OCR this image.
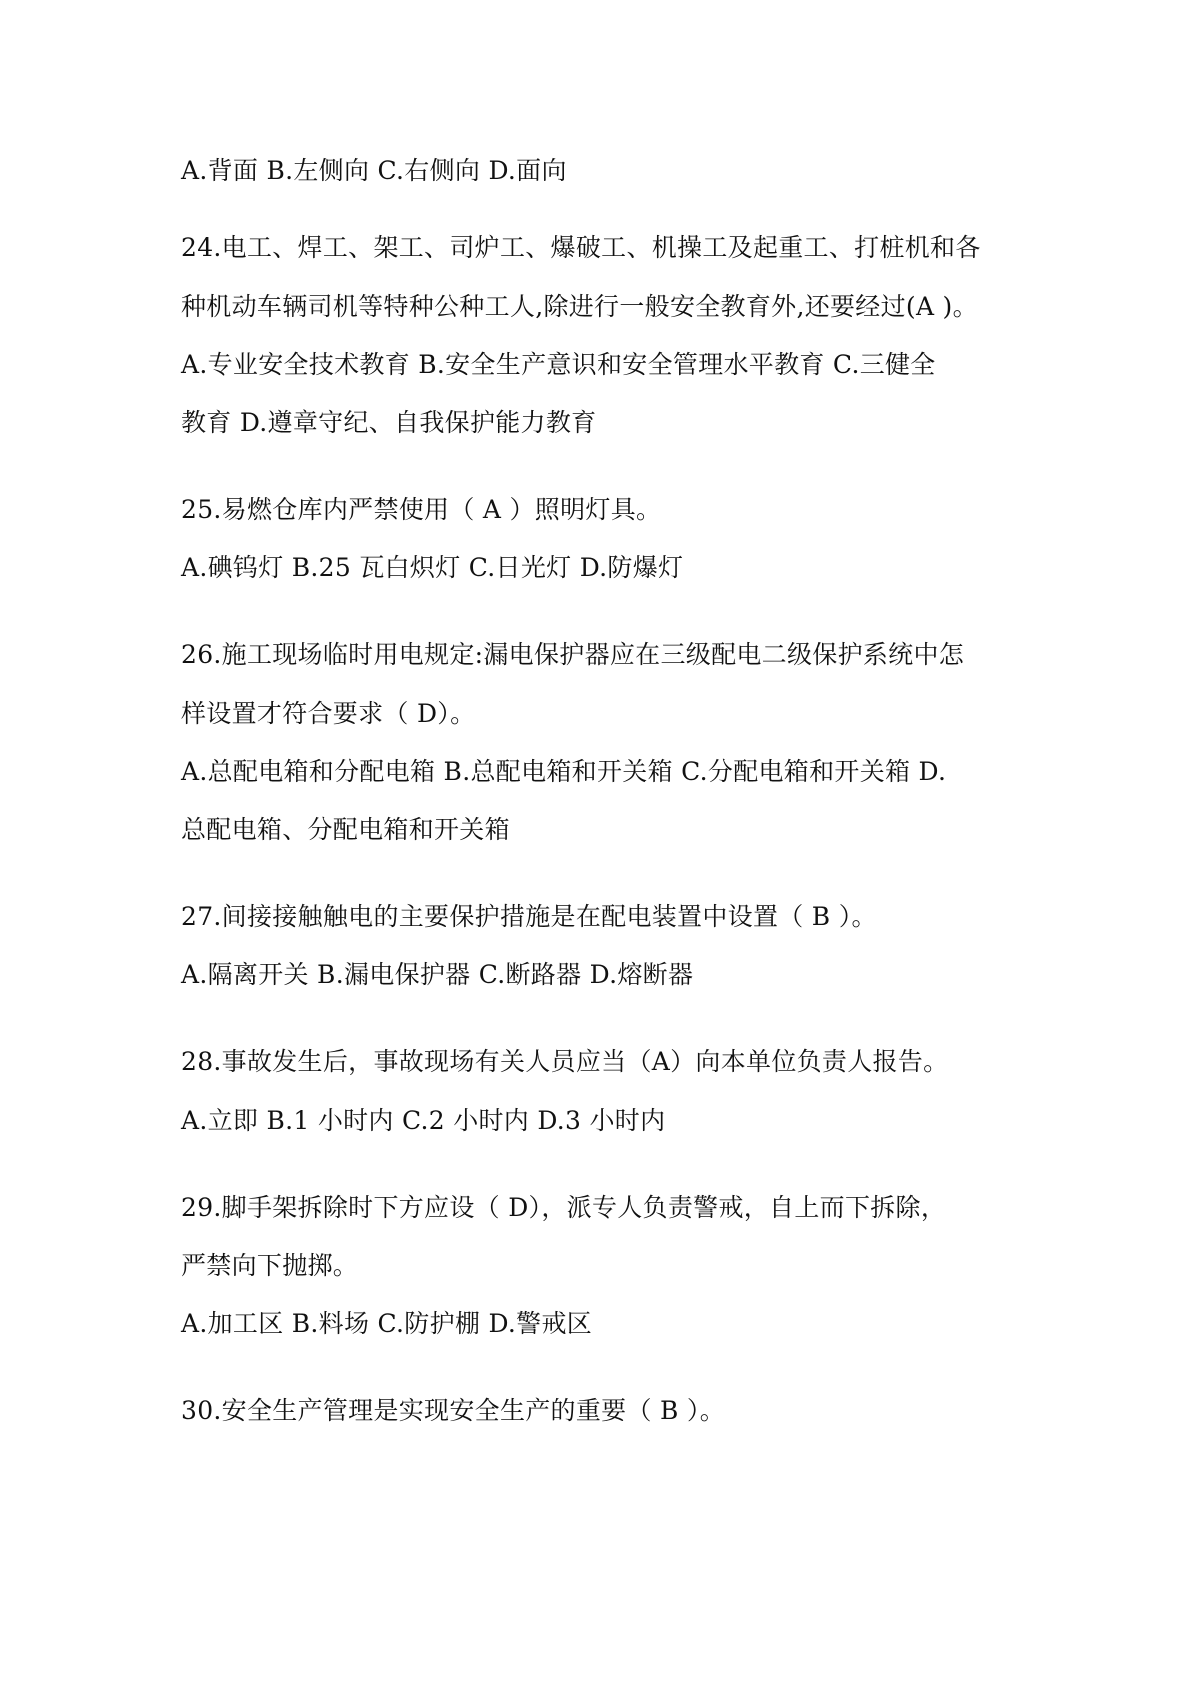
A.背面 B.左侧向 C.右侧向 D.面向
24.电工、焊工、架工、司炉工、爆破工、机操工及起重工、打桩机和各
种机动车辆司机等特种公种工人,除进行一般安全教育外,还要经过(A )。
A.专业安全技术教育 B.安全生产意识和安全管理水平教育 C.三健全
教育 D.遵章守纪、自我保护能力教育
25.易燃仓库内严禁使用（ A ）照明灯具。
A.碘钨灯 B.25 瓦白炽灯 C.日光灯 D.防爆灯
26.施工现场临时用电规定:漏电保护器应在三级配电二级保护系统中怎
样设置才符合要求（ D）。
A.总配电箱和分配电箱 B.总配电箱和开关箱 C.分配电箱和开关箱 D.
总配电箱、分配电箱和开关箱
27.间接接触触电的主要保护措施是在配电装置中设置（ B ）。
A.隔离开关 B.漏电保护器 C.断路器 D.熔断器
28.事故发生后，事故现场有关人员应当（A）向本单位负责人报告。
A.立即 B.1 小时内 C.2 小时内 D.3 小时内
29.脚手架拆除时下方应设（ D），派专人负责警戒，自上而下拆除，
严禁向下抛掷。
A.加工区 B.料场 C.防护棚 D.警戒区
30.安全生产管理是实现安全生产的重要（ B ）。
